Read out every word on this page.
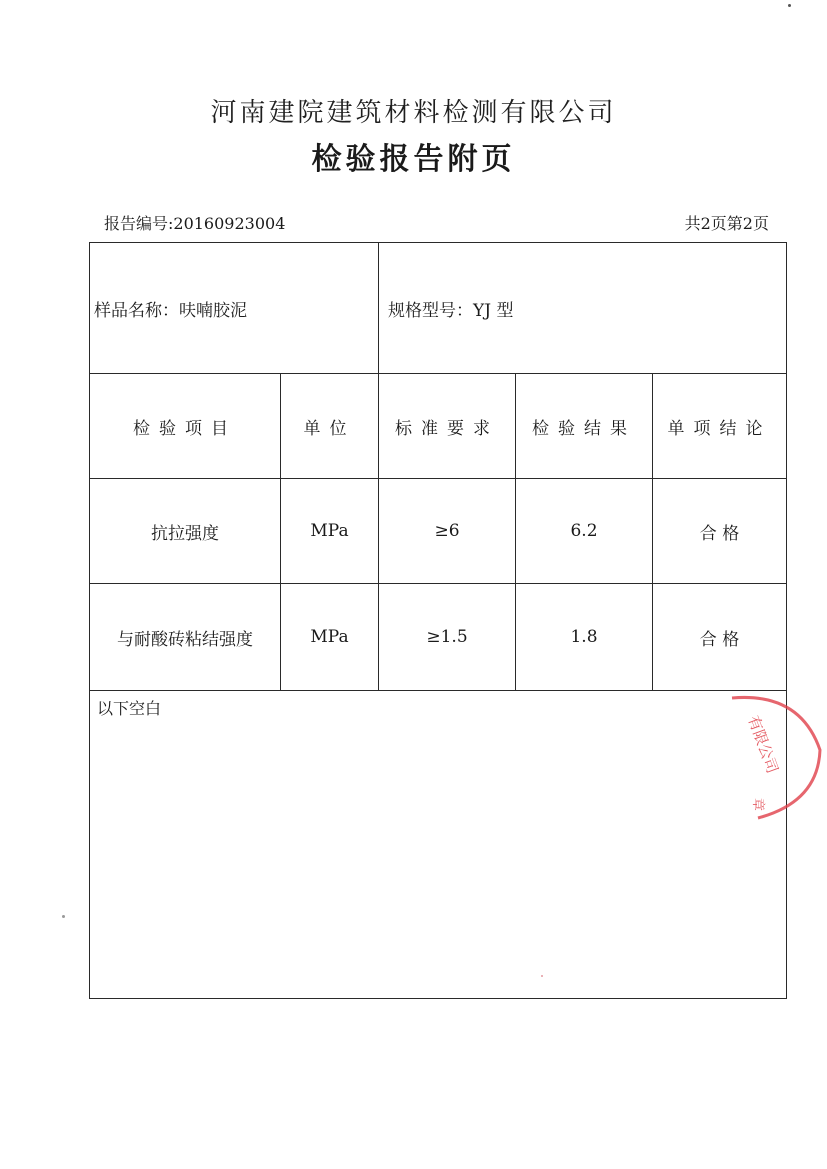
河南建院建筑材料检测有限公司
检验报告附页
报告编号:20160923004	共2页第2页
样品名称：呋喃胶泥	规格型号：YJ 型
检验项目	单位	标准要求	检验结果	单项结论
抗拉强度	MPa	≥6	6.2	合 格
与耐酸砖粘结强度	MPa	≥1.5	1.8	合 格
以下空白
有限公司
章
